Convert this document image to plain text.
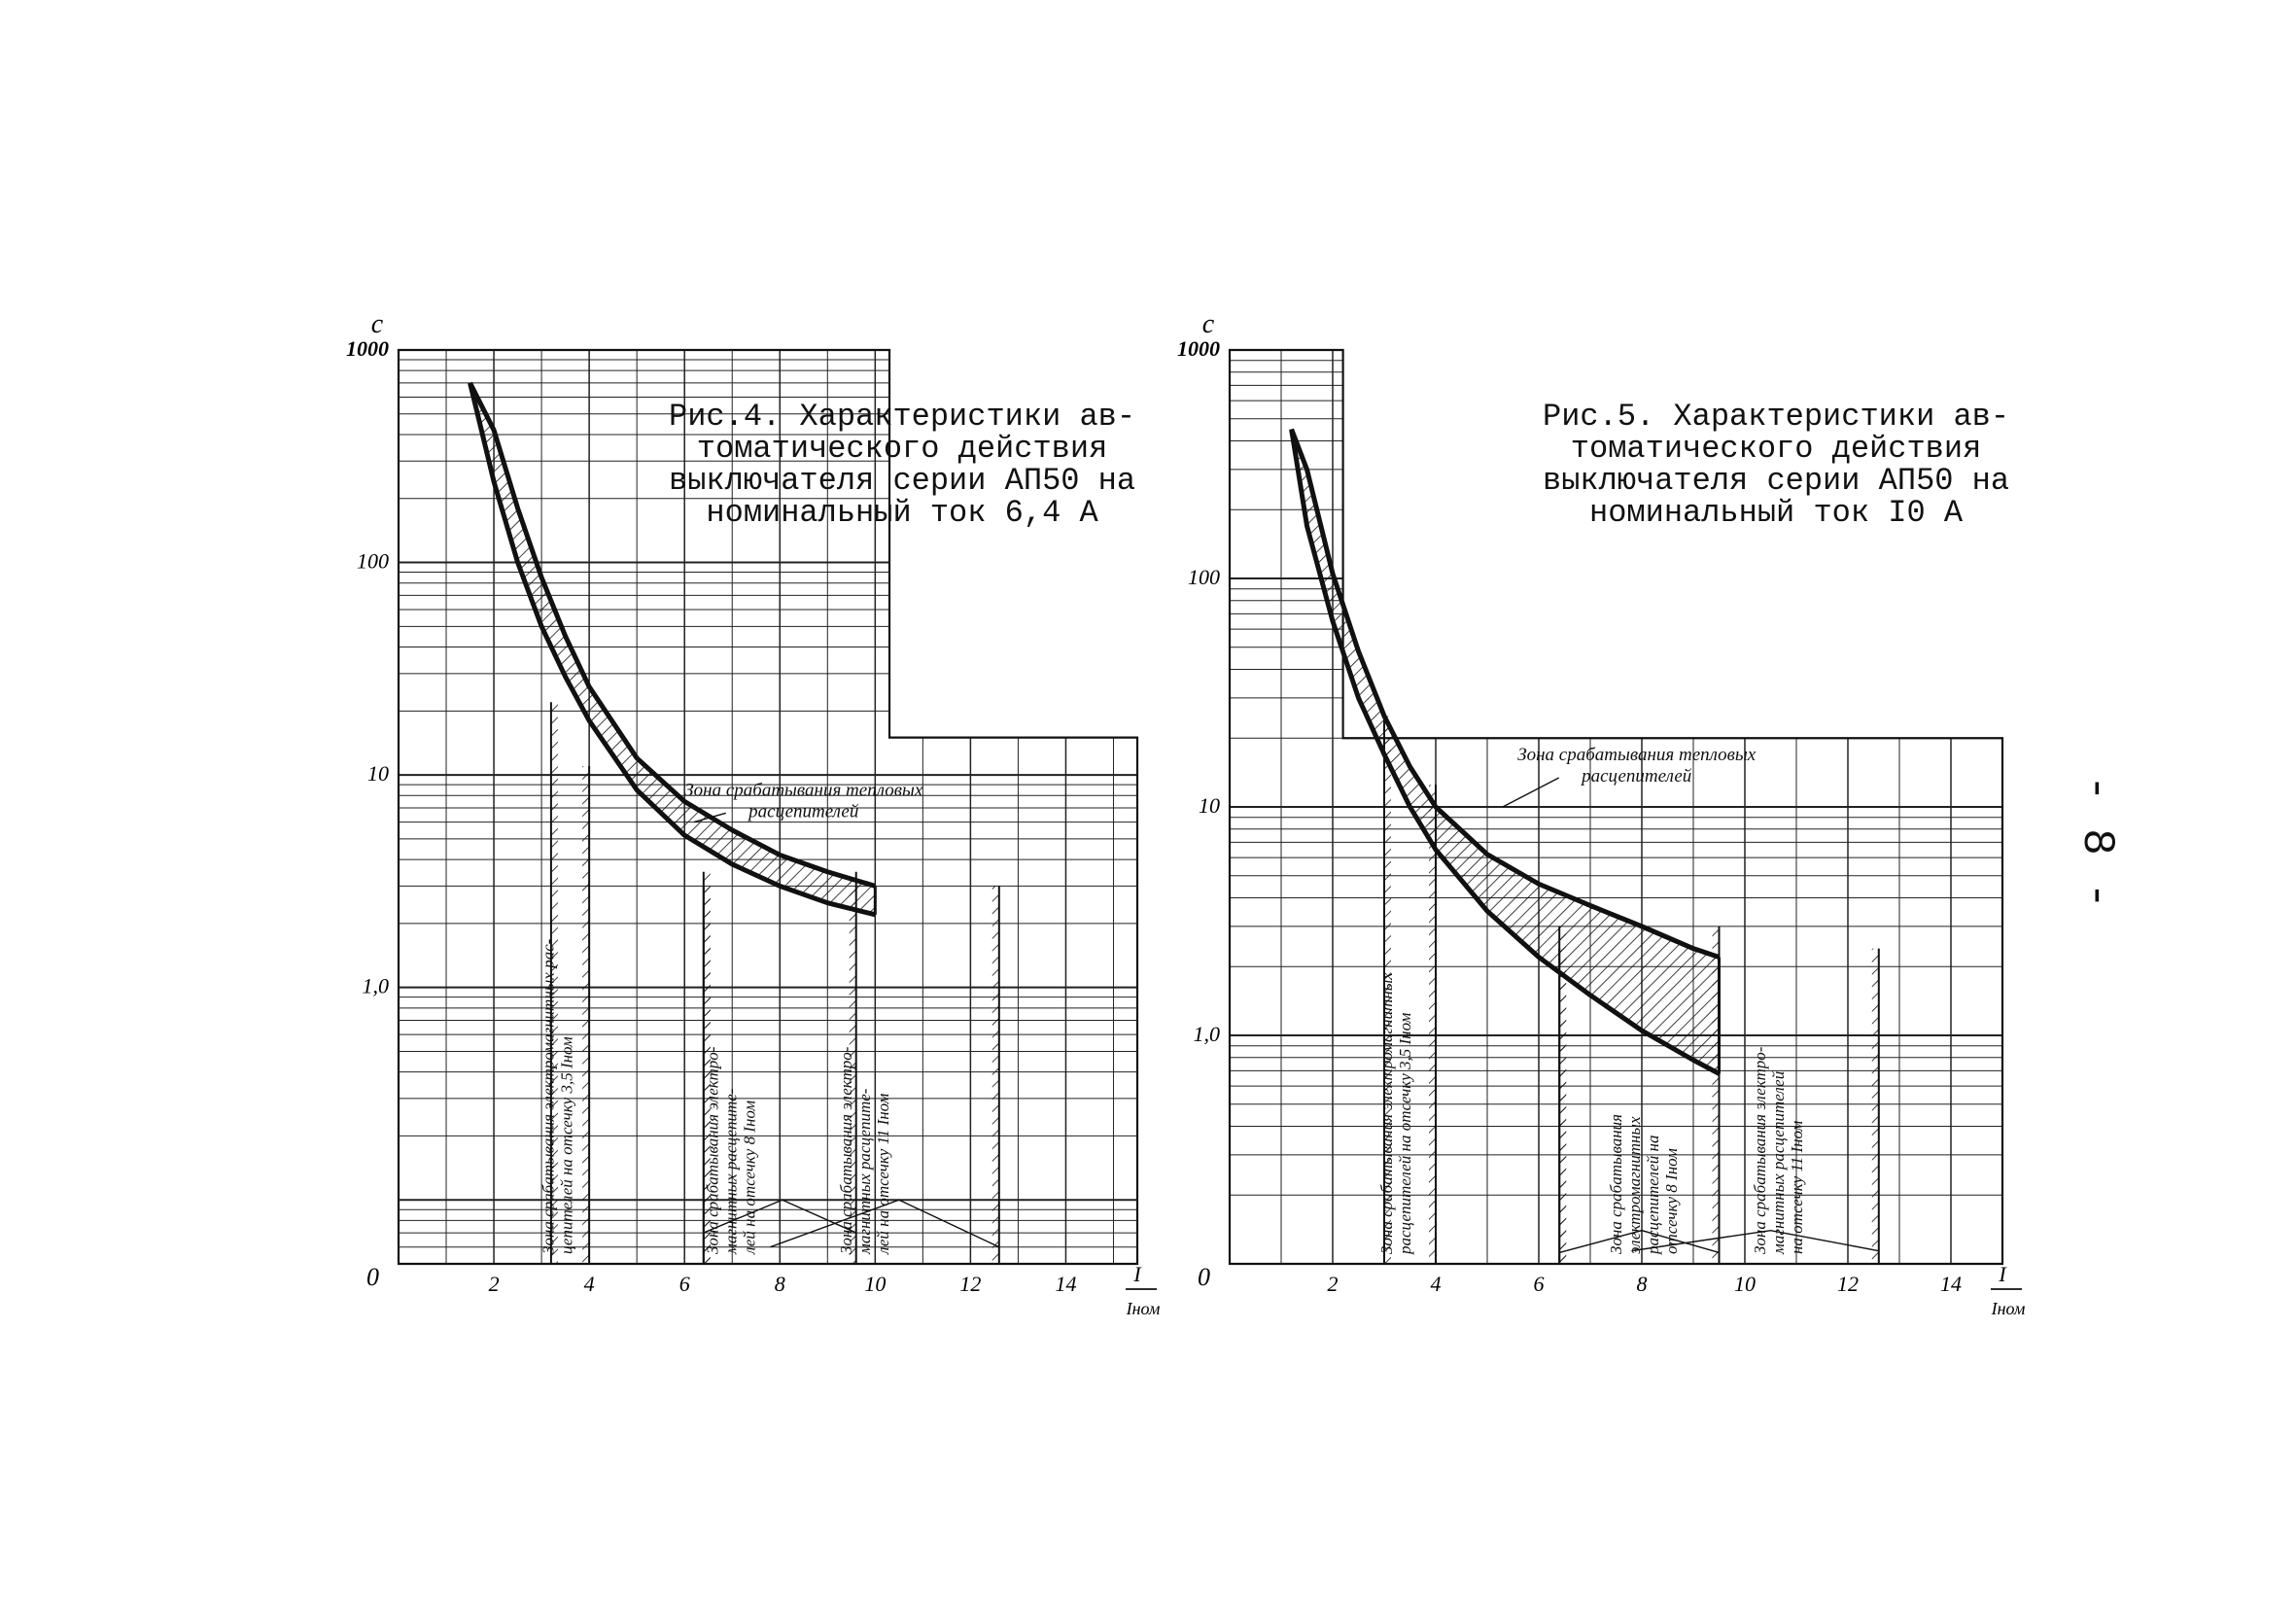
2	4	6	8	10	12	14
1000
100
10
1,0
0
с
I
Iном
Зона срабатывания тепловых
расцепителей
Зона срабатывания электромагнитных рас- цепителей на отсечку 3,5 Iном	Зона срабатывания электро- магнитных расцепите- лей на отсечку 8 Iном	Зона срабатывания электро- магнитных расцепите- лей на отсечку 11 Iном
2	4	6	8	10	12	14
1000
100
10
1,0
0
с
I
Iном
Зона срабатывания тепловых
расцепителей
Зона срабатывания электромагнитных расцепителей на отсечку 3,5 Iном	Зона срабатывания электромагнитных расцепителей на отсечку 8 Iном	Зона срабатывания электро- магнитных расцепителей на отсечку 11 Iном
Рис.4. Характеристики ав-
томатического действия
выключателя серии АП50 на
номинальный ток 6,4 А
Рис.5. Характеристики ав-
томатического действия
выключателя серии АП50 на
номинальный ток I0 А
- 8 -
